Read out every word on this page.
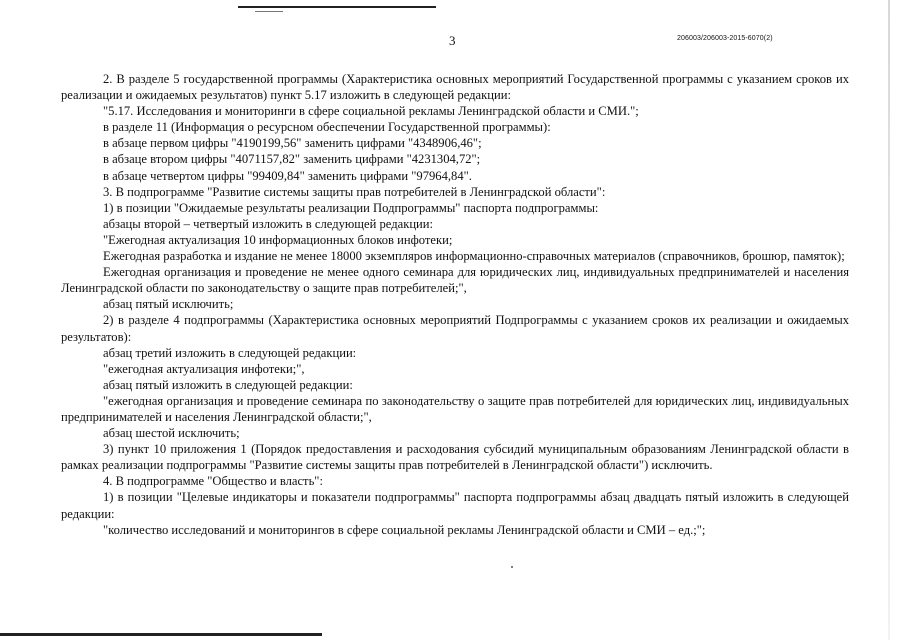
3	206003/206003-2015-6070(2)

2. В разделе 5 государственной программы (Характеристика основных мероприятий Государственной программы с указанием сроков их реализации и ожидаемых результатов) пункт 5.17 изложить в следующей редакции:

"5.17. Исследования и мониторинги в сфере социальной рекламы Ленинградской области и СМИ.";

в разделе 11 (Информация о ресурсном обеспечении Государственной программы):

в абзаце первом цифры "4190199,56" заменить цифрами "4348906,46";

в абзаце втором цифры "4071157,82" заменить цифрами "4231304,72";

в абзаце четвертом цифры "99409,84" заменить цифрами "97964,84".

3. В подпрограмме "Развитие системы защиты прав потребителей в Ленинградской области":

1) в позиции "Ожидаемые результаты реализации Подпрограммы" паспорта подпрограммы:

абзацы второй – четвертый изложить в следующей редакции:

"Ежегодная актуализация 10 информационных блоков инфотеки;

Ежегодная разработка и издание не менее 18000 экземпляров информационно-справочных материалов (справочников, брошюр, памяток);

Ежегодная организация и проведение не менее одного семинара для юридических лиц, индивидуальных предпринимателей и населения Ленинградской области по законодательству о защите прав потребителей;",

абзац пятый исключить;

2) в разделе 4 подпрограммы (Характеристика основных мероприятий Подпрограммы с указанием сроков их реализации и ожидаемых результатов):

абзац третий изложить в следующей редакции:

"ежегодная актуализация инфотеки;",

абзац пятый изложить в следующей редакции:

"ежегодная организация и проведение семинара по законодательству о защите прав потребителей для юридических лиц, индивидуальных предпринимателей и населения Ленинградской области;",

абзац шестой исключить;

3) пункт 10 приложения 1 (Порядок предоставления и расходования субсидий муниципальным образованиям Ленинградской области в рамках реализации подпрограммы "Развитие системы защиты прав потребителей в Ленинградской области") исключить.

4. В подпрограмме "Общество и власть":

1) в позиции "Целевые индикаторы и показатели подпрограммы" паспорта подпрограммы абзац двадцать пятый изложить в следующей редакции:

"количество исследований и мониторингов в сфере социальной рекламы Ленинградской области и СМИ – ед.;";
